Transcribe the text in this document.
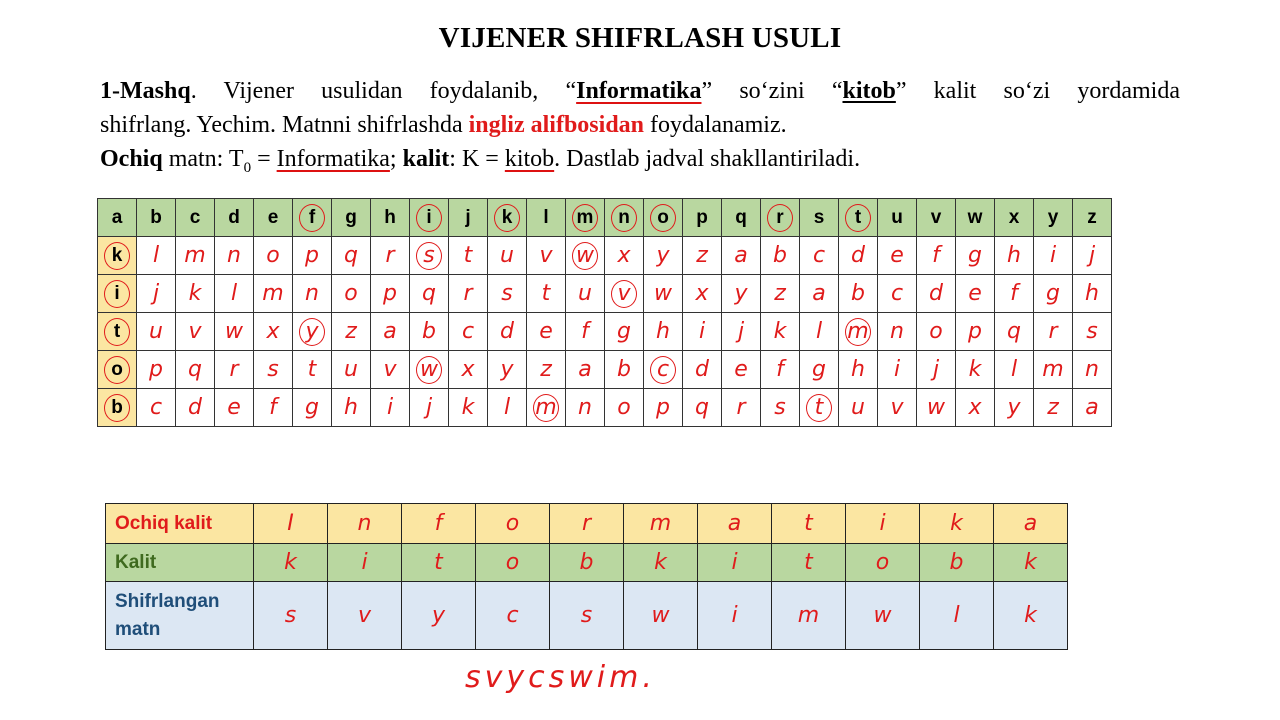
VIJENER SHIFRLASH USULI
1-Mashq. Vijener usulidan foydalanib, “Informatika” so‘zini “kitob” kalit so‘zi yordamida
shifrlang. Yechim. Matnni shifrlashda ingliz alifbosidan foydalanamiz.
Ochiq matn: $T_0$ = Informatika; kalit: K = kitob. Dastlab jadval shakllantiriladi.
a	b	c	d	e	f	g	h	i	j	k	l	m	n	o	p	q	r	s	t	u	v	w	x	y	z
k	l	m	n	o	p	q	r	s	t	u	v	w	x	y	z	a	b	c	d	e	f	g	h	i	j
i	j	k	l	m	n	o	p	q	r	s	t	u	v	w	x	y	z	a	b	c	d	e	f	g	h
t	u	v	w	x	y	z	a	b	c	d	e	f	g	h	i	j	k	l	m	n	o	p	q	r	s
o	p	q	r	s	t	u	v	w	x	y	z	a	b	c	d	e	f	g	h	i	j	k	l	m	n
b	c	d	e	f	g	h	i	j	k	l	m	n	o	p	q	r	s	t	u	v	w	x	y	z	a
Ochiq kalit	I	n	f	o	r	m	a	t	i	k	a
Kalit	k	i	t	o	b	k	i	t	o	b	k

Shifrlangan
matn	s	v	y	c	s	w	i	m	w	l	k
svycswim.
